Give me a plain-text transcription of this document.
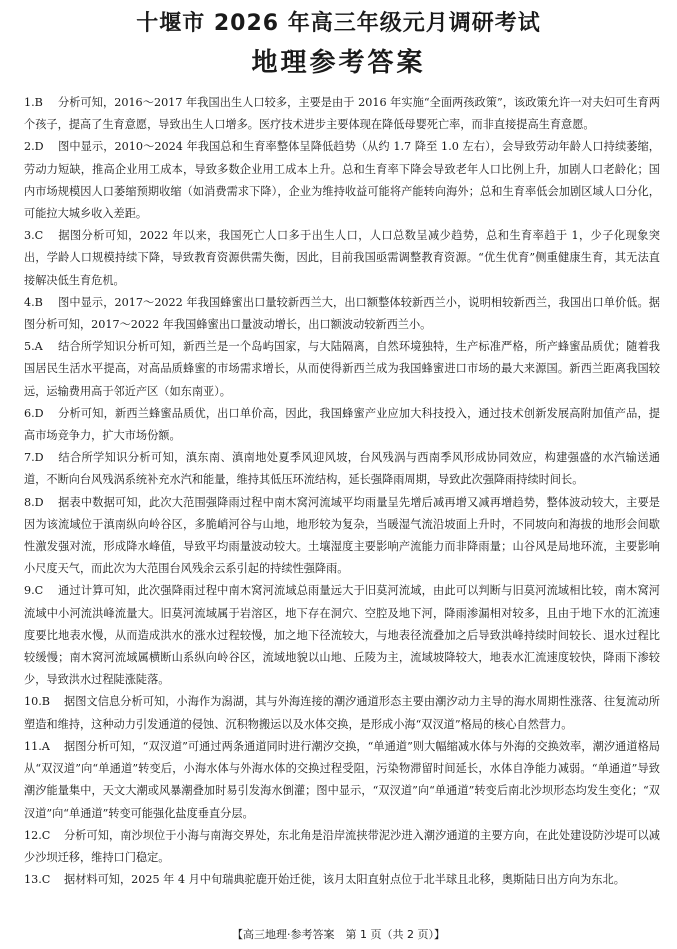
十堰市 2026 年高三年级元月调研考试
地理参考答案

1.B 分析可知，2016～2017 年我国出生人口较多，主要是由于 2016 年实施“全面两孩政策”，该政策允许一对夫妇可生育两个孩子，提高了生育意愿，导致出生人口增多。医疗技术进步主要体现在降低母婴死亡率，而非直接提高生育意愿。

2.D 图中显示，2010～2024 年我国总和生育率整体呈降低趋势（从约 1.7 降至 1.0 左右），会导致劳动年龄人口持续萎缩，劳动力短缺，推高企业用工成本，导致多数企业用工成本上升。总和生育率下降会导致老年人口比例上升，加剧人口老龄化；国内市场规模因人口萎缩预期收缩（如消费需求下降），企业为维持收益可能将产能转向海外；总和生育率低会加剧区域人口分化，可能拉大城乡收入差距。

3.C 据图分析可知，2022 年以来，我国死亡人口多于出生人口，人口总数呈减少趋势，总和生育率趋于 1，少子化现象突出，学龄人口规模持续下降，导致教育资源供需失衡，因此，目前我国亟需调整教育资源。“优生优育”侧重健康生育，其无法直接解决低生育危机。

4.B 图中显示，2017～2022 年我国蜂蜜出口量较新西兰大，出口额整体较新西兰小，说明相较新西兰，我国出口单价低。据图分析可知，2017～2022 年我国蜂蜜出口量波动增长，出口额波动较新西兰小。

5.A 结合所学知识分析可知，新西兰是一个岛屿国家，与大陆隔离，自然环境独特，生产标准严格，所产蜂蜜品质优；随着我国居民生活水平提高，对高品质蜂蜜的市场需求增长，从而使得新西兰成为我国蜂蜜进口市场的最大来源国。新西兰距离我国较远，运输费用高于邻近产区（如东南亚）。

6.D 分析可知，新西兰蜂蜜品质优，出口单价高，因此，我国蜂蜜产业应加大科技投入，通过技术创新发展高附加值产品，提高市场竞争力，扩大市场份额。

7.D 结合所学知识分析可知，滇东南、滇南地处夏季风迎风坡，台风残涡与西南季风形成协同效应，构建强盛的水汽输送通道，不断向台风残涡系统补充水汽和能量，维持其低压环流结构，延长强降雨周期，导致此次强降雨持续时间长。

8.D 据表中数据可知，此次大范围强降雨过程中南木窝河流域平均雨量呈先增后减再增又减再增趋势，整体波动较大，主要是因为该流域位于滇南纵向岭谷区，多脆峭河谷与山地，地形较为复杂，当暖湿气流沿坡面上升时，不同坡向和海拔的地形会间歇性激发强对流，形成降水峰值，导致平均雨量波动较大。土壤湿度主要影响产流能力而非降雨量；山谷风是局地环流，主要影响小尺度天气，而此次为大范围台风残余云系引起的持续性强降雨。

9.C 通过计算可知，此次强降雨过程中南木窝河流域总雨量远大于旧莫河流域，由此可以判断与旧莫河流域相比较，南木窝河流域中小河流洪峰流量大。旧莫河流域属于岩溶区，地下存在洞穴、空腔及地下河，降雨渗漏相对较多，且由于地下水的汇流速度要比地表水慢，从而造成洪水的涨水过程较慢，加之地下径流较大，与地表径流叠加之后导致洪峰持续时间较长、退水过程比较缓慢；南木窝河流域属横断山系纵向岭谷区，流域地貌以山地、丘陵为主，流域坡降较大，地表水汇流速度较快，降雨下渗较少，导致洪水过程陡涨陡落。

10.B 据图文信息分析可知，小海作为潟湖，其与外海连接的潮汐通道形态主要由潮汐动力主导的海水周期性涨落、往复流动所塑造和维持，这种动力引发通道的侵蚀、沉积物搬运以及水体交换，是形成小海“双汊道”格局的核心自然营力。

11.A 据图分析可知，“双汊道”可通过两条通道同时进行潮汐交换，“单通道”则大幅缩减水体与外海的交换效率，潮汐通道格局从“双汊道”向“单通道”转变后，小海水体与外海水体的交换过程受阻，污染物滞留时间延长，水体自净能力减弱。“单通道”导致潮汐能量集中，天文大潮或风暴潮叠加时易引发海水倒灌；图中显示，“双汊道”向“单通道”转变后南北沙坝形态均发生变化；“双汊道”向“单通道”转变可能强化盐度垂直分层。

12.C 分析可知，南沙坝位于小海与南海交界处，东北角是沿岸流挟带泥沙进入潮汐通道的主要方向，在此处建设防沙堤可以减少沙坝迁移，维持口门稳定。

13.C 据材料可知，2025 年 4 月中旬瑞典驼鹿开始迁徙，该月太阳直射点位于北半球且北移，奥斯陆日出方向为东北。

【高三地理·参考答案　第 1 页（共 2 页）】
